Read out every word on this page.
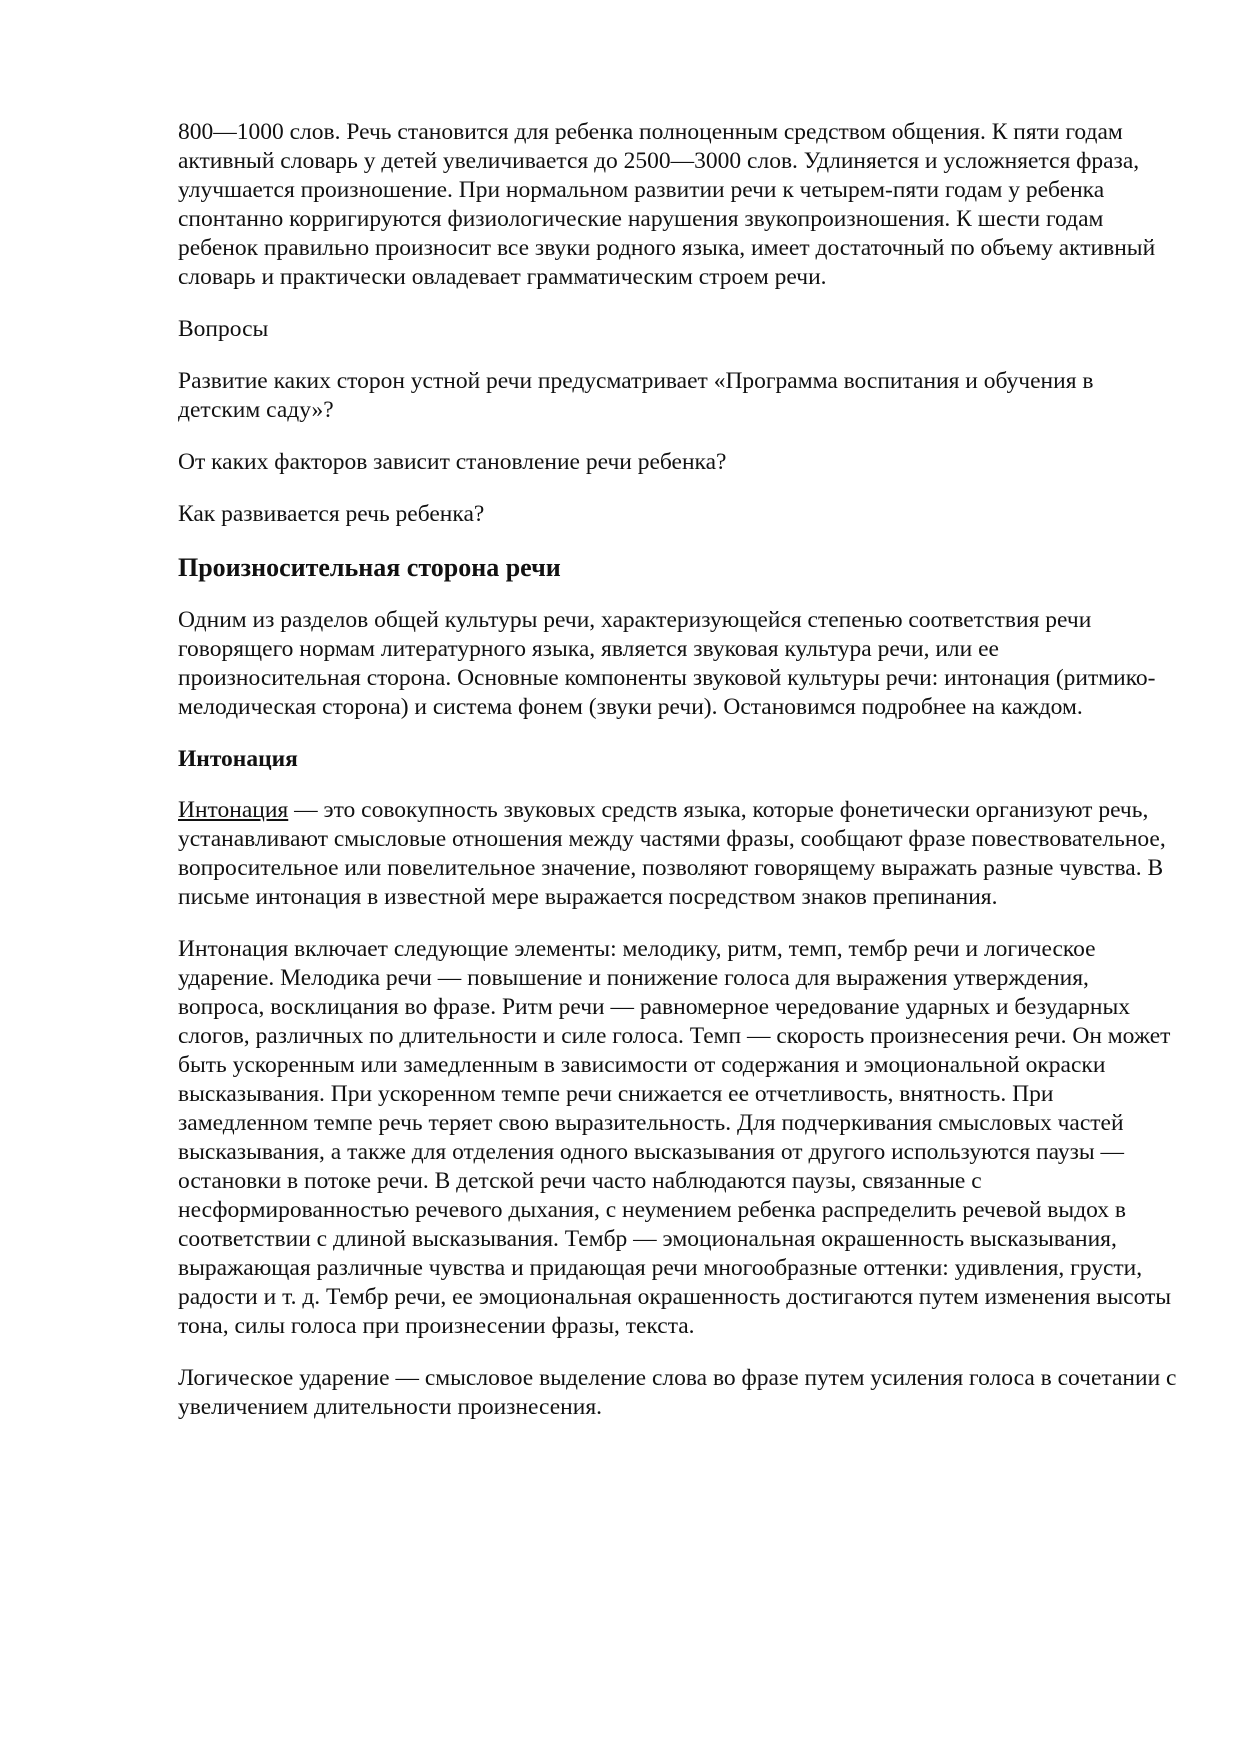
800—1000 слов. Речь становится для ребенка полноценным средством общения. К пяти годам активный словарь у детей увеличивается до 2500—3000 слов. Удлиняется и усложняется фраза, улучшается произношение. При нормальном развитии речи к четырем-пяти годам у ребенка спонтанно корригируются физиологические нарушения звукопроизношения. К шести годам ребенок правильно произносит все звуки родного языка, имеет достаточный по объему активный словарь и практически овладевает грамматическим строем речи.

Вопросы

Развитие каких сторон устной речи предусматривает «Программа воспитания и обучения в детским саду»?

От каких факторов зависит становление речи ребенка?

Как развивается речь ребенка?

Произносительная сторона речи

Одним из разделов общей культуры речи, характеризующейся степенью соответствия речи говорящего нормам литературного языка, является звуковая культура речи, или ее произносительная сторона. Основные компоненты звуковой культуры речи: интонация (ритмико-мелодическая сторона) и система фонем (звуки речи). Остановимся подробнее на каждом.

Интонация

Интонация — это совокупность звуковых средств языка, которые фонетически организуют речь, устанавливают смысловые отношения между частями фразы, сообщают фразе повествовательное, вопросительное или повелительное значение, позволяют говорящему выражать разные чувства. В письме интонация в известной мере выражается посредством знаков препинания.

Интонация включает следующие элементы: мелодику, ритм, темп, тембр речи и логическое ударение. Мелодика речи — повышение и понижение голоса для выражения утверждения, вопроса, восклицания во фразе. Ритм речи — равномерное чередование ударных и безударных слогов, различных по длительности и силе голоса. Темп — скорость произнесения речи. Он может быть ускоренным или замедленным в зависимости от содержания и эмоциональной окраски высказывания. При ускоренном темпе речи снижается ее отчетливость, внятность. При замедленном темпе речь теряет свою выразительность. Для подчеркивания смысловых частей высказывания, а также для отделения одного высказывания от другого используются паузы — остановки в потоке речи. В детской речи часто наблюдаются паузы, связанные с несформированностью речевого дыхания, с неумением ребенка распределить речевой выдох в соответствии с длиной высказывания. Тембр — эмоциональная окрашенность высказывания, выражающая различные чувства и придающая речи многообразные оттенки: удивления, грусти, радости и т. д. Тембр речи, ее эмоциональная окрашенность достигаются путем изменения высоты тона, силы голоса при произнесении фразы, текста.

Логическое ударение — смысловое выделение слова во фразе путем усиления голоса в сочетании с увеличением длительности произнесения.
